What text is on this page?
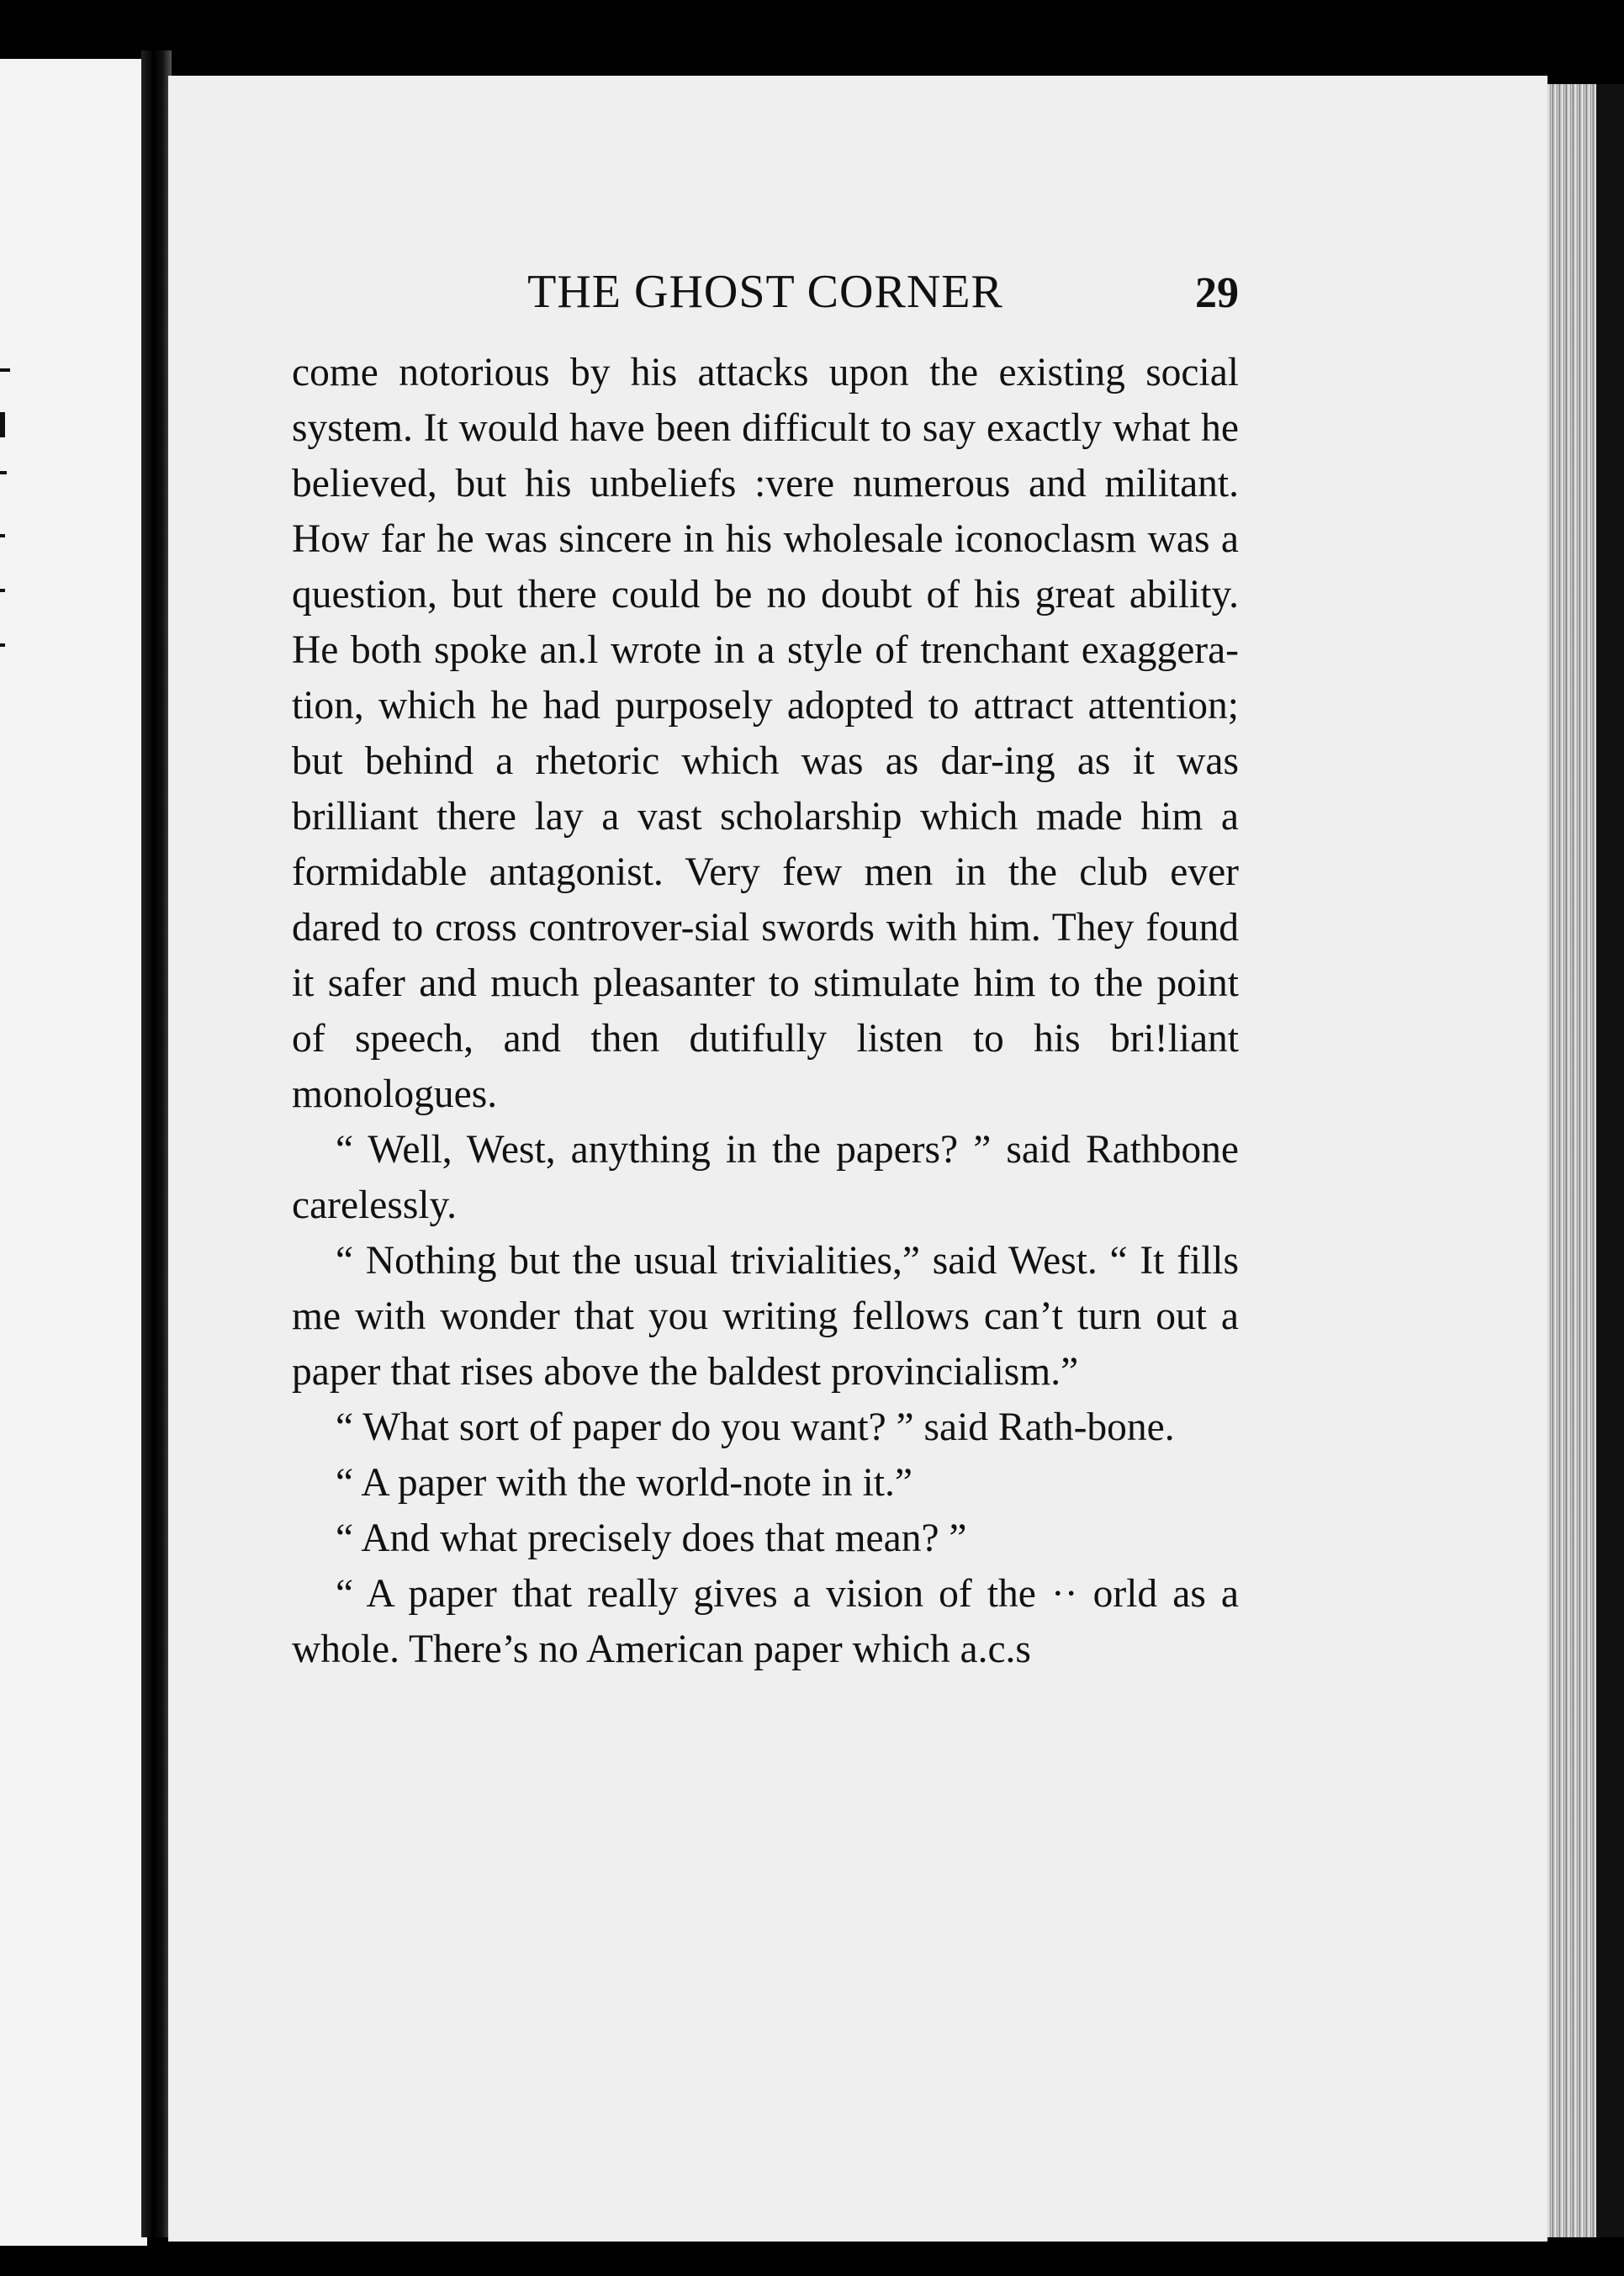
THE GHOST CORNER	29

come notorious by his attacks upon the existing social system. It would have been difficult to say exactly what he believed, but his unbeliefs :vere numerous and militant. How far he was sincere in his wholesale iconoclasm was a question, but there could be no doubt of his great ability. He both spoke an.l wrote in a style of trenchant exaggera-tion, which he had purposely adopted to attract attention; but behind a rhetoric which was as dar-ing as it was brilliant there lay a vast scholarship which made him a formidable antagonist. Very few men in the club ever dared to cross controver-sial swords with him. They found it safer and much pleasanter to stimulate him to the point of speech, and then dutifully listen to his bri!liant monologues.

“ Well, West, anything in the papers? ” said Rathbone carelessly.

“ Nothing but the usual trivialities,” said West. “ It fills me with wonder that you writing fellows can’t turn out a paper that rises above the baldest provincialism.”

“ What sort of paper do you want? ” said Rath-bone.

“ A paper with the world-note in it.”

“ And what precisely does that mean? ”

“ A paper that really gives a vision of the ·· orld as a whole. There’s no American paper which a.c.s
